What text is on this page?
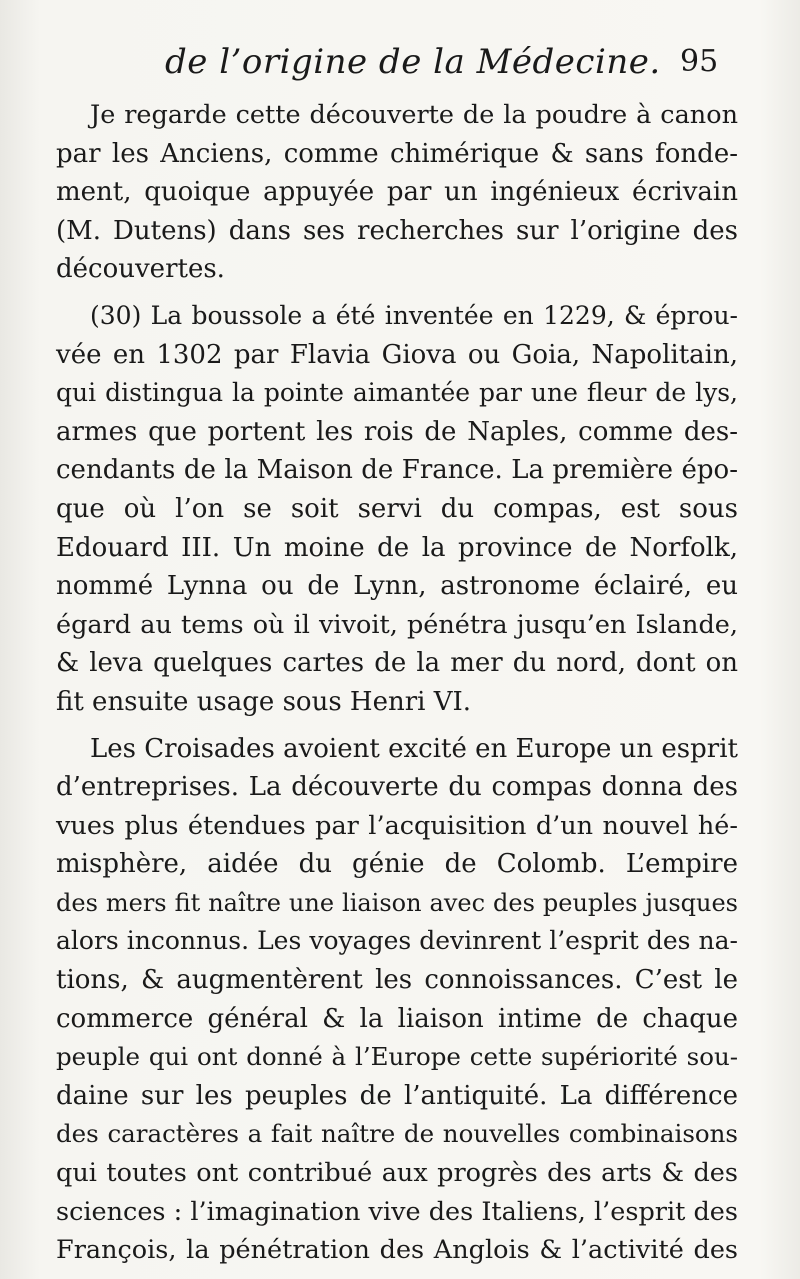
de l’origine de la Médecine. 95
Je regarde cette découverte de la poudre à canon
par les Anciens, comme chimérique & sans fonde-
ment, quoique appuyée par un ingénieux écrivain
(M. Dutens) dans ses recherches sur l’origine des
découvertes.
(30) La boussole a été inventée en 1229, & éprou-
vée en 1302 par Flavia Giova ou Goia, Napolitain,
qui distingua la pointe aimantée par une fleur de lys,
armes que portent les rois de Naples, comme des-
cendants de la Maison de France. La première épo-
que où l’on se soit servi du compas, est sous
Edouard III. Un moine de la province de Norfolk,
nommé Lynna ou de Lynn, astronome éclairé, eu
égard au tems où il vivoit, pénétra jusqu’en Islande,
& leva quelques cartes de la mer du nord, dont on
fit ensuite usage sous Henri VI.
Les Croisades avoient excité en Europe un esprit
d’entreprises. La découverte du compas donna des
vues plus étendues par l’acquisition d’un nouvel hé-
misphère, aidée du génie de Colomb. L’empire
des mers fit naître une liaison avec des peuples jusques
alors inconnus. Les voyages devinrent l’esprit des na-
tions, & augmentèrent les connoissances. C’est le
commerce général & la liaison intime de chaque
peuple qui ont donné à l’Europe cette supériorité sou-
daine sur les peuples de l’antiquité. La différence
des caractères a fait naître de nouvelles combinaisons
qui toutes ont contribué aux progrès des arts & des
sciences : l’imagination vive des Italiens, l’esprit des
François, la pénétration des Anglois & l’activité des
